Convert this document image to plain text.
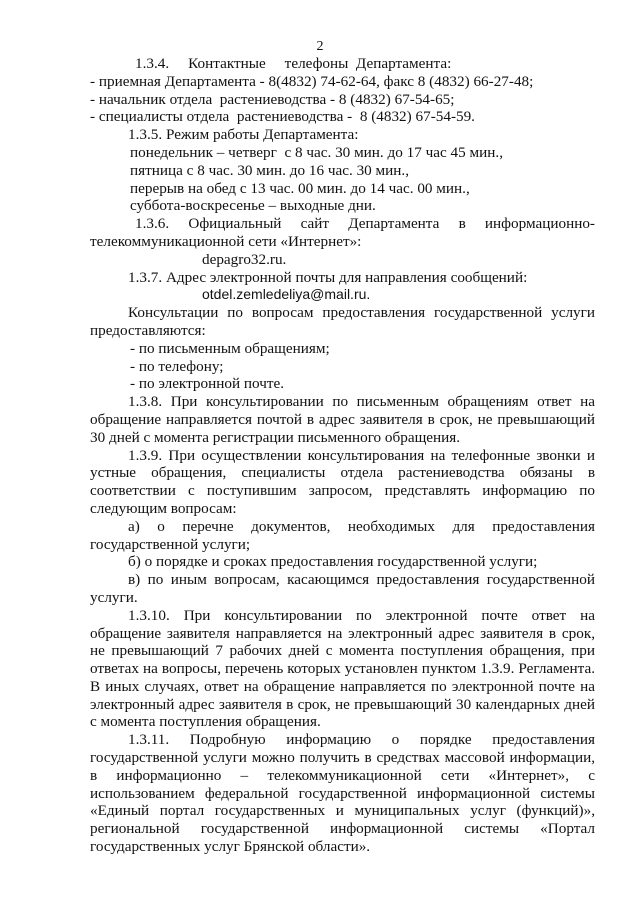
2

1.3.4.     Контактные     телефоны  Департамента:

- приемная Департамента - 8(4832) 74-62-64, факс 8 (4832) 66-27-48;

- начальник отдела  растениеводства - 8 (4832) 67-54-65;

- специалисты отдела  растениеводства -  8 (4832) 67-54-59.

1.3.5. Режим работы Департамента:

понедельник – четверг  с 8 час. 30 мин. до 17 час 45 мин.,

пятница с 8 час. 30 мин. до 16 час. 30 мин.,

перерыв на обед с 13 час. 00 мин. до 14 час. 00 мин.,

суббота-воскресенье – выходные дни.

1.3.6. Официальный сайт Департамента в информационно-телекоммуникационной сети «Интернет»:

depagro32.ru.

1.3.7. Адрес электронной почты для направления сообщений:

otdel.zemledeliya@mail.ru.

Консультации по вопросам предоставления государственной услуги предоставляются:

- по письменным обращениям;

- по телефону;

- по электронной почте.

1.3.8. При консультировании по письменным обращениям ответ на обращение направляется почтой в адрес заявителя в срок, не превышающий 30 дней с момента регистрации письменного обращения.

1.3.9. При осуществлении консультирования на телефонные звонки и устные обращения, специалисты отдела растениеводства обязаны в соответствии с поступившим запросом, представлять информацию по следующим вопросам:

а) о перечне документов, необходимых для предоставления государственной услуги;

б) о порядке и сроках предоставления государственной услуги;

в) по иным вопросам, касающимся предоставления государственной услуги.

1.3.10. При консультировании по электронной почте ответ на обращение заявителя направляется на электронный адрес заявителя в срок, не превышающий 7 рабочих дней с момента поступления обращения, при ответах на вопросы, перечень которых установлен пунктом 1.3.9. Регламента. В иных случаях, ответ на обращение направляется по электронной почте на электронный адрес заявителя в срок, не превышающий 30 календарных дней с момента поступления обращения.

1.3.11. Подробную информацию о порядке предоставления государственной услуги можно получить в средствах массовой информации, в информационно – телекоммуникационной сети «Интернет», с использованием федеральной государственной информационной системы «Единый портал государственных и муниципальных услуг (функций)», региональной государственной информационной системы «Портал государственных услуг Брянской области».
